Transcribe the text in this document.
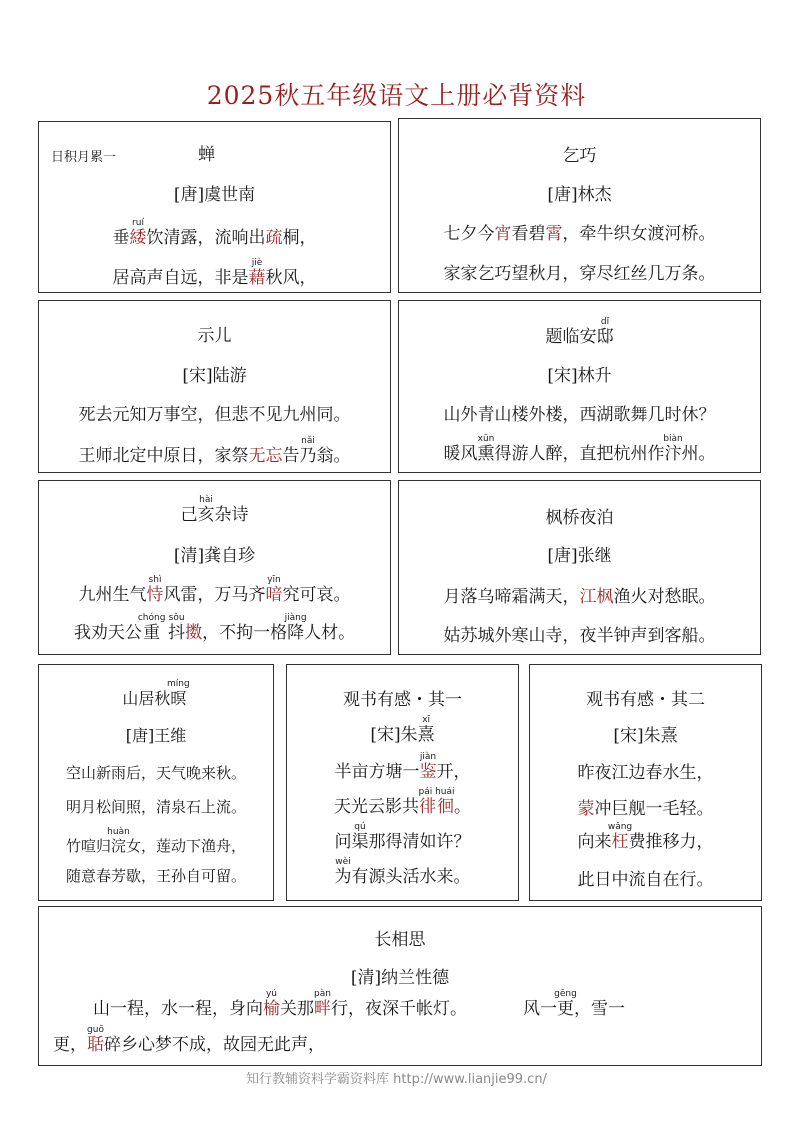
2025秋五年级语文上册必背资料
日积月累一	蝉
[唐]虞世南
垂緌ruí饮清露，流响出疏桐，
居高声自远，非是藉jiè秋风，
乞巧
[唐]林杰
七夕今宵看碧霄，牵牛织女渡河桥。
家家乞巧望秋月，穿尽红丝几万条。
示儿
[宋]陆游
死去元知万事空，但悲不见九州同。
王师北定中原日，家祭无忘告乃nǎi翁。
题临安邸dǐ
[宋]林升
山外青山楼外楼，西湖歌舞几时休？
暖风熏xūn得游人醉，直把杭州作汴biàn州。
己亥hài杂诗
[清]龚自珍
九州生气恃shì风雷，万马齐喑yīn究可哀。
我劝天公重chóng 抖sǒu擞，不拘一格降jiàng人材。
枫桥夜泊
[唐]张继
月落乌啼霜满天，江枫渔火对愁眠。
姑苏城外寒山寺，夜半钟声到客船。
山居秋暝míng
[唐]王维
空山新雨后，天气晚来秋。
明月松间照，清泉石上流。
竹喧归浣huàn女，莲动下渔舟，
随意春芳歇，王孙自可留。
观书有感・其一
[宋]朱熹xī
半亩方塘一鉴jiàn开，
天光云影共徘徊pái huái。
问渠qú那得清如许？
为wèi有源头活水来。
观书有感・其二
[宋]朱熹
昨夜江边春水生，
蒙冲巨舰一毛轻。
向来枉wǎng费推移力，
此日中流自在行。
长相思
[清]纳兰性德
山一程，水一程，身向榆yú关那畔pàn行，夜深千帐灯。	风一更gēng，雪一
更，聒guō碎乡心梦不成，故园无此声，
知行教辅资料学霸资料库 http://www.lianjie99.cn/
